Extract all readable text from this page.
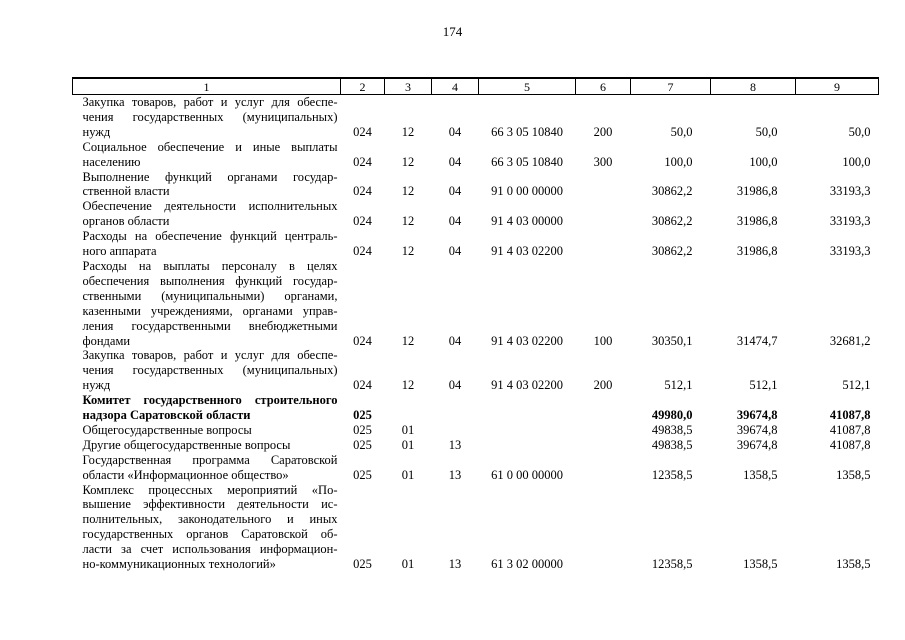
174
1	2	3	4	5	6	7	8	9

Закупка товаров, работ и услуг для обеспе-
чения государственных (муниципальных)
нужд	024	12	04	66 3 05 10840	200	50,0	50,0	50,0

Социальное обеспечение и иные выплаты
населению	024	12	04	66 3 05 10840	300	100,0	100,0	100,0

Выполнение функций органами государ-
ственной власти	024	12	04	91 0 00 00000		30862,2	31986,8	33193,3

Обеспечение деятельности исполнительных
органов области	024	12	04	91 4 03 00000		30862,2	31986,8	33193,3

Расходы на обеспечение функций централь-
ного аппарата	024	12	04	91 4 03 02200		30862,2	31986,8	33193,3

Расходы на выплаты персоналу в целях
обеспечения выполнения функций государ-
ственными (муниципальными) органами,
казенными учреждениями, органами управ-
ления государственными внебюджетными
фондами	024	12	04	91 4 03 02200	100	30350,1	31474,7	32681,2

Закупка товаров, работ и услуг для обеспе-
чения государственных (муниципальных)
нужд	024	12	04	91 4 03 02200	200	512,1	512,1	512,1

Комитет государственного строительного
надзора Саратовской области	025					49980,0	39674,8	41087,8

Общегосударственные вопросы	025	01				49838,5	39674,8	41087,8

Другие общегосударственные вопросы	025	01	13			49838,5	39674,8	41087,8

Государственная программа Саратовской
области «Информационное общество»	025	01	13	61 0 00 00000		12358,5	1358,5	1358,5

Комплекс процессных мероприятий «По-
вышение эффективности деятельности ис-
полнительных, законодательного и иных
государственных органов Саратовской об-
ласти за счет использования информацион-
но-коммуникационных технологий»	025	01	13	61 3 02 00000		12358,5	1358,5	1358,5
